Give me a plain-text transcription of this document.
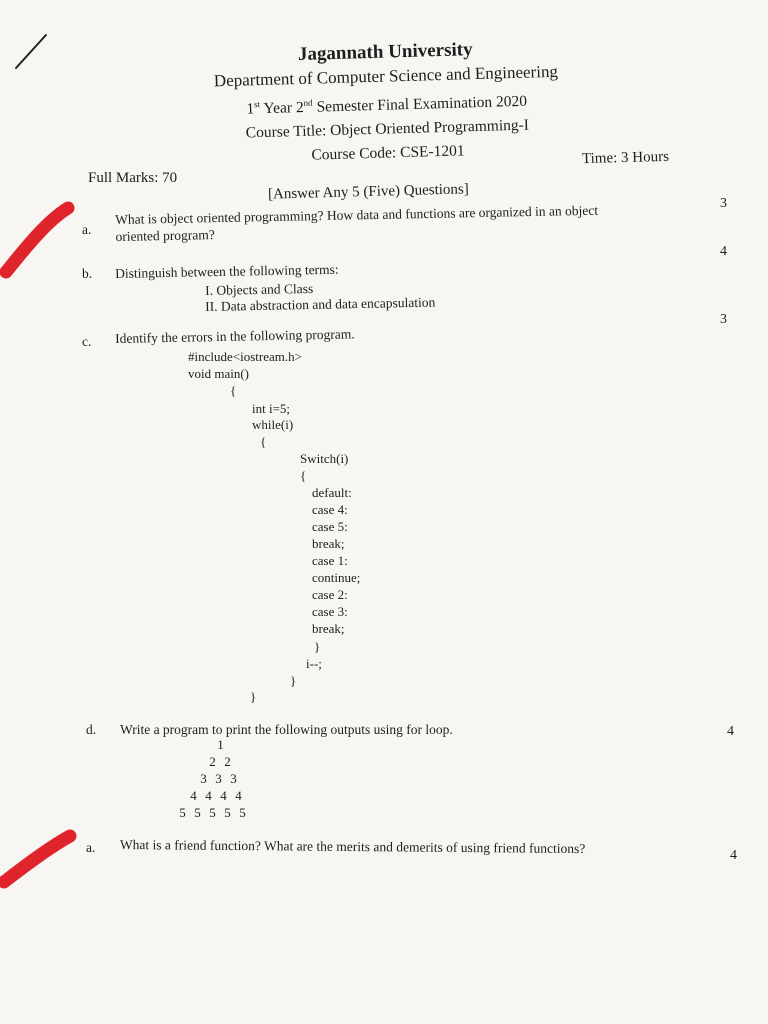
Jagannath University
Department of Computer Science and Engineering
1st Year 2nd Semester Final Examination 2020
Course Title: Object Oriented Programming-I
Course Code: CSE-1201
Full Marks: 70
Time: 3 Hours
[Answer Any 5 (Five) Questions]
a.
What is object oriented programming? How data and functions are organized in an object
oriented program?
3
b. Distinguish between the following terms:
I. Objects and Class
II. Data abstraction and data encapsulation
4
c. Identify the errors in the following program.
3
#include<iostream.h>
void main()
{
int i=5;
while(i)
{
Switch(i)
{
default:
case 4:
case 5:
break;
case 1:
continue;
case 2:
case 3:
break;
}
i--;
}
}
d. Write a program to print the following outputs using for loop.	4
1
2 2
3 3 3
4 4 4 4
5 5 5 5 5
a. What is a friend function? What are the merits and demerits of using friend functions?	4
